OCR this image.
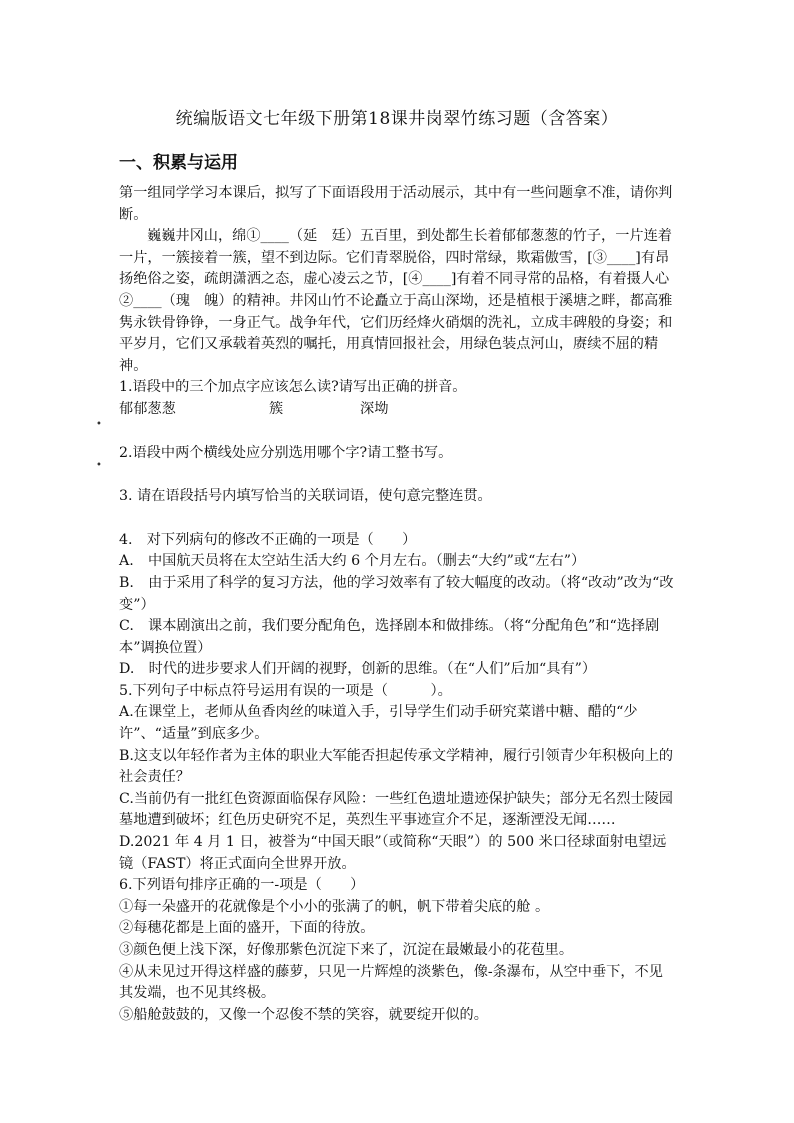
统编版语文七年级下册第18课井岗翠竹练习题（含答案）
一、积累与运用
•
•

第一组同学学习本课后，拟写了下面语段用于活动展示，其中有一些问题拿不准，请你判断。

巍巍井冈山，绵①____（延　廷）五百里，到处都生长着郁郁葱葱的竹子，一片连着一片，一簇接着一簇，望不到边际。它们青翠脱俗，四时常绿，欺霜傲雪，[③____]有昂扬绝俗之姿，疏朗潇洒之态，虚心凌云之节，[④____]有着不同寻常的品格，有着摄人心②____（瑰　魄）的精神。井冈山竹不论矗立于高山深坳，还是植根于溪塘之畔，都高雅隽永铁骨铮铮，一身正气。战争年代，它们历经烽火硝烟的洗礼，立成丰碑般的身姿；和平岁月，它们又承载着英烈的嘱托，用真情回报社会，用绿色装点河山，赓续不屈的精神。

1.语段中的三个加点字应该怎么读?请写出正确的拼音。

郁郁葱葱	簇	深坳

2.语段中两个横线处应分别选用哪个字?请工整书写。

3. 请在语段括号内填写恰当的关联词语，使句意完整连贯。

4.　对下列病句的修改不正确的一项是（　　）

A.　中国航天员将在太空站生活大约 6 个月左右。（删去“大约”或“左右”）

B.　由于采用了科学的复习方法，他的学习效率有了较大幅度的改动。（将“改动”改为“改变”）

C.　课本剧演出之前，我们要分配角色，选择剧本和做排练。（将“分配角色”和“选择剧本”调换位置）

D.　时代的进步要求人们开阔的视野，创新的思维。（在“人们”后加“具有”）

5.下列句子中标点符号运用有误的一项是（　　　）。

A.在课堂上，老师从鱼香肉丝的味道入手，引导学生们动手研究菜谱中糖、醋的“少许”、“适量”到底多少。

B.这支以年轻作者为主体的职业大军能否担起传承文学精神，履行引领青少年积极向上的社会责任？

C.当前仍有一批红色资源面临保存风险：一些红色遗址遗迹保护缺失；部分无名烈士陵园墓地遭到破坏；红色历史研究不足，英烈生平事迹宣介不足，逐渐湮没无闻……

D.2021 年 4 月 1 日，被誉为“中国天眼”（或简称“天眼”）的 500 米口径球面射电望远镜（FAST）将正式面向全世界开放。

6.下列语句排序正确的一-项是（　　）

①每一朵盛开的花就像是个小小的张满了的帆，帆下带着尖底的舱 。

②每穗花都是上面的盛开，下面的待放。

③颜色便上浅下深，好像那紫色沉淀下来了，沉淀在最嫩最小的花苞里。

④从未见过开得这样盛的藤萝，只见一片辉煌的淡紫色，像-条瀑布，从空中垂下，不见其发端，也不见其终极。

⑤船舱鼓鼓的，又像一个忍俊不禁的笑容，就要绽开似的。
